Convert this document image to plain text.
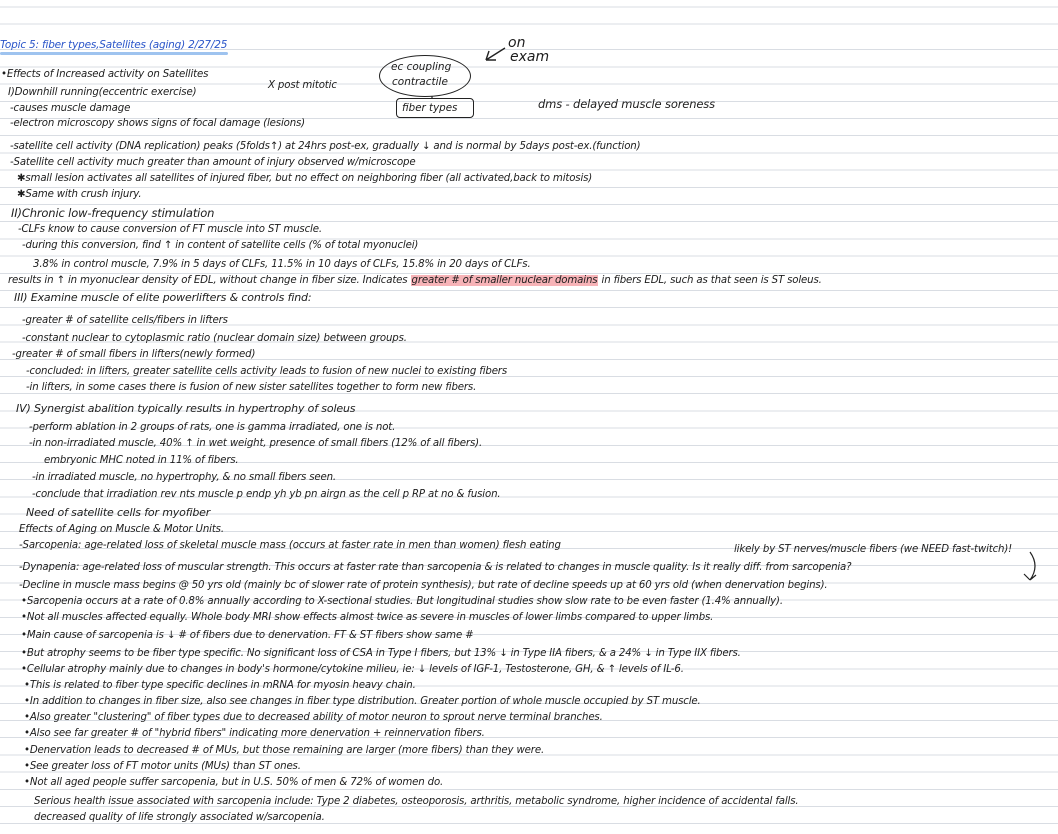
Topic 5: fiber types,Satellites (aging) 2/27/25
ec coupling
contractile
fiber types
on
exam
X post mitotic
dms - delayed muscle soreness
likely by ST nerves/muscle fibers (we NEED fast-twitch)!
•Effects of Increased activity on Satellites
I)Downhill running(eccentric exercise)
-causes muscle damage
-electron microscopy shows signs of focal damage (lesions)
-satellite cell activity (DNA replication) peaks (5folds↑) at 24hrs post-ex, gradually ↓ and is normal by 5days post-ex.(function)
-Satellite cell activity much greater than amount of injury observed w/microscope
✱small lesion activates all satellites of injured fiber, but no effect on neighboring fiber (all activated,back to mitosis)
✱Same with crush injury.
II)Chronic low-frequency stimulation
-CLFs know to cause conversion of FT muscle into ST muscle.
-during this conversion, find ↑ in content of satellite cells (% of total myonuclei)
3.8% in control muscle, 7.9% in 5 days of CLFs, 11.5% in 10 days of CLFs, 15.8% in 20 days of CLFs.
results in ↑ in myonuclear density of EDL, without change in fiber size. Indicates greater # of smaller nuclear domains in fibers EDL, such as that seen is ST soleus.
III) Examine muscle of elite powerlifters & controls find:
-greater # of satellite cells/fibers in lifters
-constant nuclear to cytoplasmic ratio (nuclear domain size) between groups.
-greater # of small fibers in lifters(newly formed)
-concluded: in lifters, greater satellite cells activity leads to fusion of new nuclei to existing fibers
-in lifters, in some cases there is fusion of new sister satellites together to form new fibers.
IV) Synergist abalition typically results in hypertrophy of soleus
-perform ablation in 2 groups of rats, one is gamma irradiated, one is not.
-in non-irradiated muscle, 40% ↑ in wet weight, presence of small fibers (12% of all fibers).
embryonic MHC noted in 11% of fibers.
-in irradiated muscle, no hypertrophy, & no small fibers seen.
-conclude that irradiation rev nts muscle p endp yh yb pn airgn as the cell p RP at no & fusion.
Need of satellite cells for myofiber
Effects of Aging on Muscle & Motor Units.
-Sarcopenia: age-related loss of skeletal muscle mass (occurs at faster rate in men than women) flesh eating
-Dynapenia: age-related loss of muscular strength. This occurs at faster rate than sarcopenia & is related to changes in muscle quality. Is it really diff. from sarcopenia?
-Decline in muscle mass begins @ 50 yrs old (mainly bc of slower rate of protein synthesis), but rate of decline speeds up at 60 yrs old (when denervation begins).
•Sarcopenia occurs at a rate of 0.8% annually according to X-sectional studies. But longitudinal studies show slow rate to be even faster (1.4% annually).
•Not all muscles affected equally. Whole body MRI show effects almost twice as severe in muscles of lower limbs compared to upper limbs.
•Main cause of sarcopenia is ↓ # of fibers due to denervation. FT & ST fibers show same #
•But atrophy seems to be fiber type specific. No significant loss of CSA in Type I fibers, but 13% ↓ in Type IIA fibers, & a 24% ↓ in Type IIX fibers.
•Cellular atrophy mainly due to changes in body's hormone/cytokine milieu, ie: ↓ levels of IGF-1, Testosterone, GH, & ↑ levels of IL-6.
•This is related to fiber type specific declines in mRNA for myosin heavy chain.
•In addition to changes in fiber size, also see changes in fiber type distribution. Greater portion of whole muscle occupied by ST muscle.
•Also greater "clustering" of fiber types due to decreased ability of motor neuron to sprout nerve terminal branches.
•Also see far greater # of "hybrid fibers" indicating more denervation + reinnervation fibers.
•Denervation leads to decreased # of MUs, but those remaining are larger (more fibers) than they were.
•See greater loss of FT motor units (MUs) than ST ones.
•Not all aged people suffer sarcopenia, but in U.S. 50% of men & 72% of women do.
Serious health issue associated with sarcopenia include: Type 2 diabetes, osteoporosis, arthritis, metabolic syndrome, higher incidence of accidental falls.
decreased quality of life strongly associated w/sarcopenia.
